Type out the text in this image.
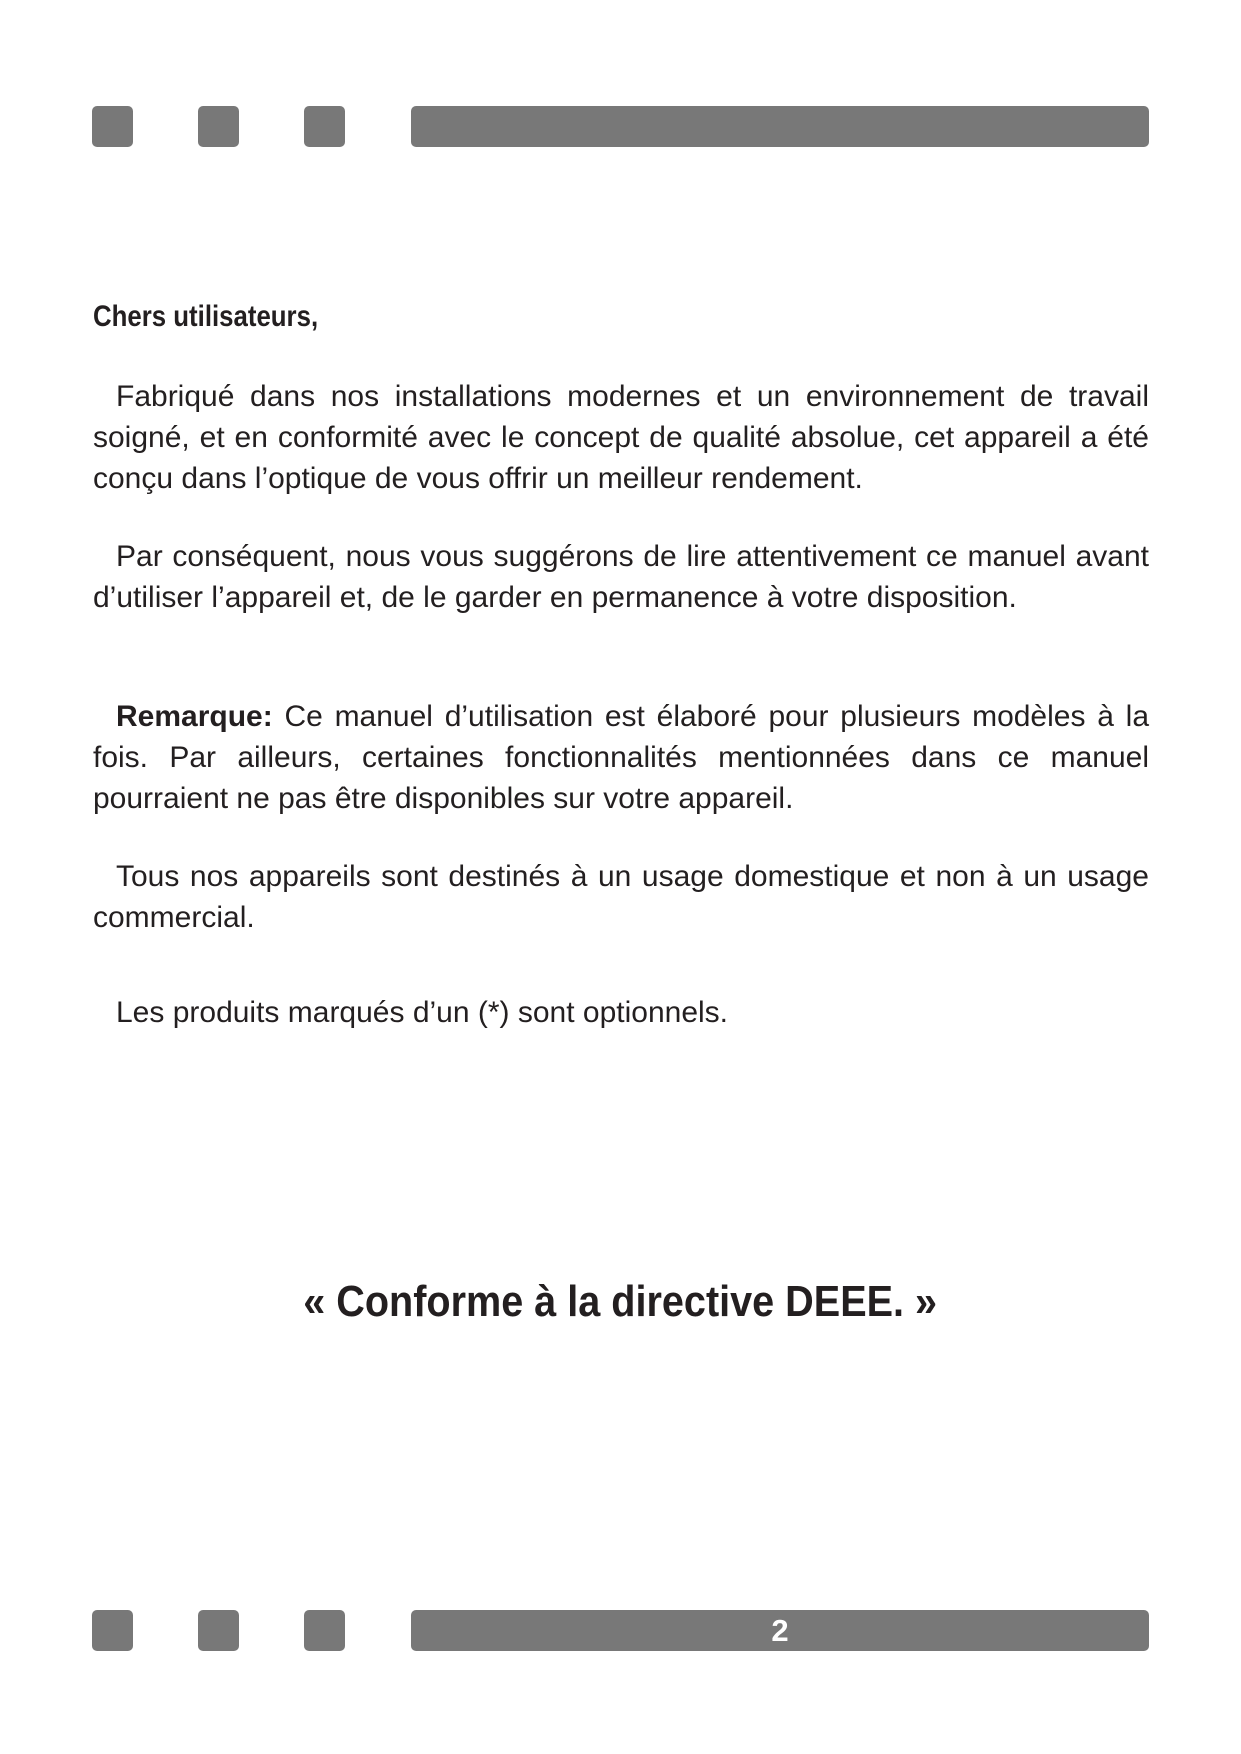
Chers utilisateurs,

Fabriqué dans nos installations modernes et un environnement de travail soigné, et en conformité avec le concept de qualité absolue, cet appareil a été conçu dans l’optique de vous offrir un meilleur rendement.

Par conséquent, nous vous suggérons de lire attentivement ce manuel avant d’utiliser l’appareil et, de le garder en permanence à votre disposition.

Remarque: Ce manuel d’utilisation est élaboré pour plusieurs modèles à la fois. Par ailleurs, certaines fonctionnalités mentionnées dans ce manuel pourraient ne pas être disponibles sur votre appareil.

Tous nos appareils sont destinés à un usage domestique et non à un usage commercial.

Les produits marqués d’un (*) sont optionnels.

« Conforme à la directive DEEE. »
2
